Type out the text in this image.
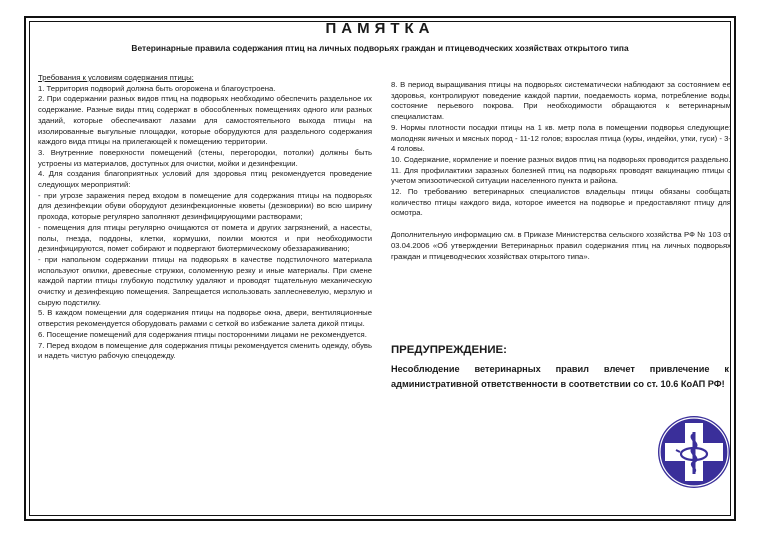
ПАМЯТКА
Ветеринарные правила содержания птиц на личных подворьях граждан и птицеводческих хозяйствах открытого типа

Требования к условиям содержания птицы:

1. Территория подворий должна быть огорожена и благоустроена.

2. При содержании разных видов птиц на подворьях необходимо обеспечить раздельное их содержание. Разные виды птиц содержат в обособленных помещениях одного или разных зданий, которые обеспечивают лазами для самостоятельного выхода птицы на изолированные выгульные площадки, которые оборудуются для раздельного содержания каждого вида птицы на прилегающей к помещению территории.

3. Внутренние поверхности помещений (стены, перегородки, потолки) должны быть устроены из материалов, доступных для очистки, мойки и дезинфекции.

4. Для создания благоприятных условий для здоровья птиц рекомендуется проведение следующих мероприятий:

- при угрозе заражения перед входом в помещение для содержания птицы на подворьях для дезинфекции обуви оборудуют дезинфекционные кюветы (дезковрики) во всю ширину прохода, которые регулярно заполняют дезинфицирующими растворами;

- помещения для птицы регулярно очищаются от помета и других загрязнений, а насесты, полы, гнезда, поддоны, клетки, кормушки, поилки моются и при необходимости дезинфицируются, помет собирают и подвергают биотермическому обеззараживанию;

- при напольном содержании птицы на подворьях в качестве подстилочного материала используют опилки, древесные стружки, соломенную резку и иные материалы. При смене каждой партии птицы глубокую подстилку удаляют и проводят тщательную механическую очистку и дезинфекцию помещения. Запрещается использовать заплесневелую, мерзлую и сырую подстилку.

5. В каждом помещении для содержания птицы на подворье окна, двери, вентиляционные отверстия рекомендуется оборудовать рамами с сеткой во избежание залета дикой птицы.

6. Посещение помещений для содержания птицы посторонними лицами не рекомендуется.

7. Перед входом в помещение для содержания птицы рекомендуется сменить одежду, обувь и надеть чистую рабочую спецодежду.

8. В период выращивания птицы на подворьях систематически наблюдают за состоянием ее здоровья, контролируют поведение каждой партии, поедаемость корма, потребление воды, состояние перьевого покрова. При необходимости обращаются к ветеринарным специалистам.

9. Нормы плотности посадки птицы на 1 кв. метр пола в помещении подворья следующие: молодняк яичных и мясных пород - 11-12 голов; взрослая птица (куры, индейки, утки, гуси) - 3-4 головы.

10. Содержание, кормление и поение разных видов птиц на подворьях проводится раздельно.

11. Для профилактики заразных болезней птиц на подворьях проводят вакцинацию птицы с учетом эпизоотической ситуации населенного пункта и района.

12. По требованию ветеринарных специалистов владельцы птицы обязаны сообщать количество птицы каждого вида, которое имеется на подворье и предоставляют птицу для осмотра.

Дополнительную информацию см. в Приказе Министерства сельского хозяйства РФ № 103 от 03.04.2006 «Об утверждении Ветеринарных правил содержания птиц на личных подворьях граждан и птицеводческих хозяйствах открытого типа».

ПРЕДУПРЕЖДЕНИЕ:

Несоблюдение ветеринарных правил влечет привлечение к административной ответственности в соответствии со ст. 10.6 КоАП РФ!
